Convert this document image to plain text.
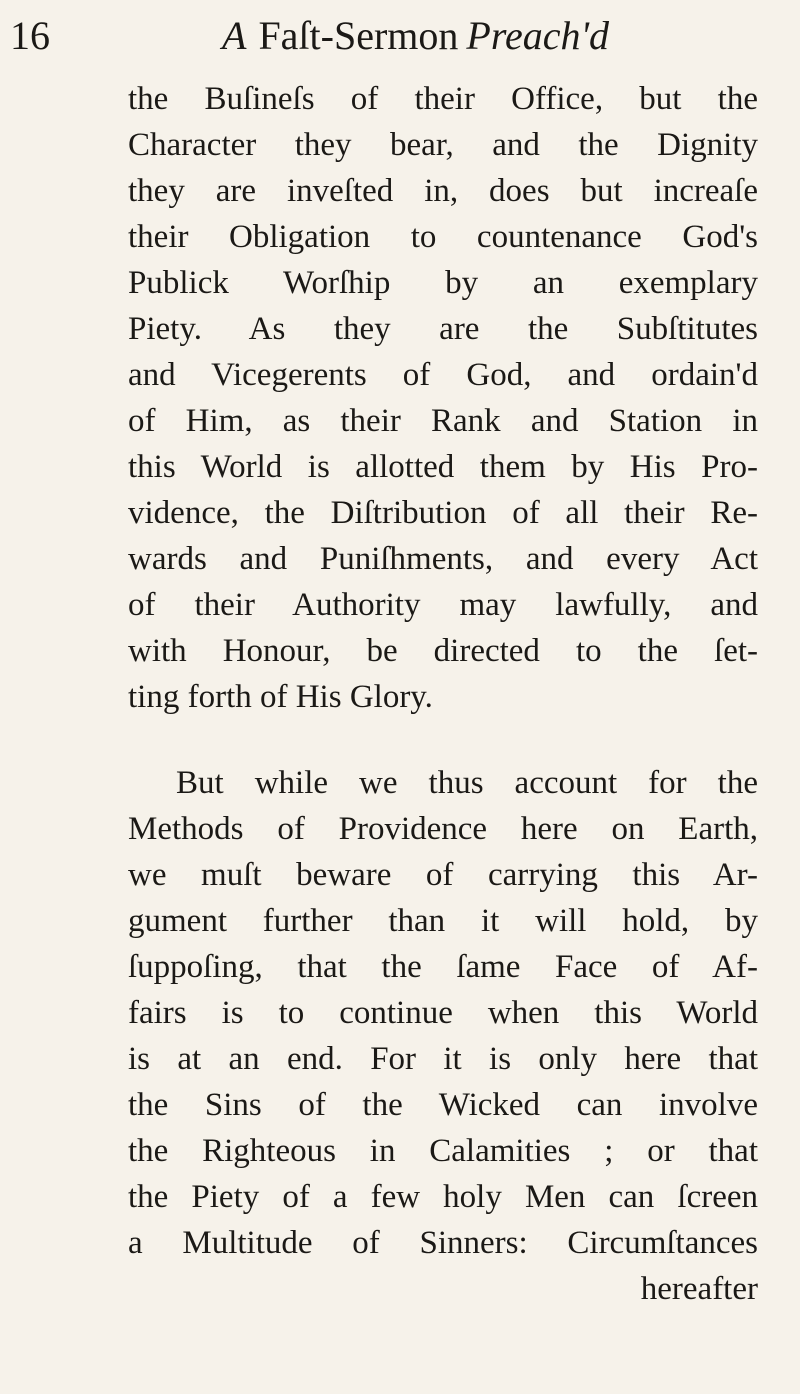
16	A Faſt-Sermon Preach'd
the Buſineſs of their Office, but the
Character they bear, and the Dignity
they are inveſted in, does but increaſe
their Obligation to countenance God's
Publick Worſhip by an exemplary
Piety. As they are the Subſtitutes
and Vicegerents of God, and ordain'd
of Him, as their Rank and Station in
this World is allotted them by His Pro-
vidence, the Diſtribution of all their Re-
wards and Puniſhments, and every Act
of their Authority may lawfully, and
with Honour, be directed to the ſet-
ting forth of His Glory.
But while we thus account for the
Methods of Providence here on Earth,
we muſt beware of carrying this Ar-
gument further than it will hold, by
ſuppoſing, that the ſame Face of Af-
fairs is to continue when this World
is at an end. For it is only here that
the Sins of the Wicked can involve
the Righteous in Calamities ; or that
the Piety of a few holy Men can ſcreen
a Multitude of Sinners: Circumſtances
hereafter
